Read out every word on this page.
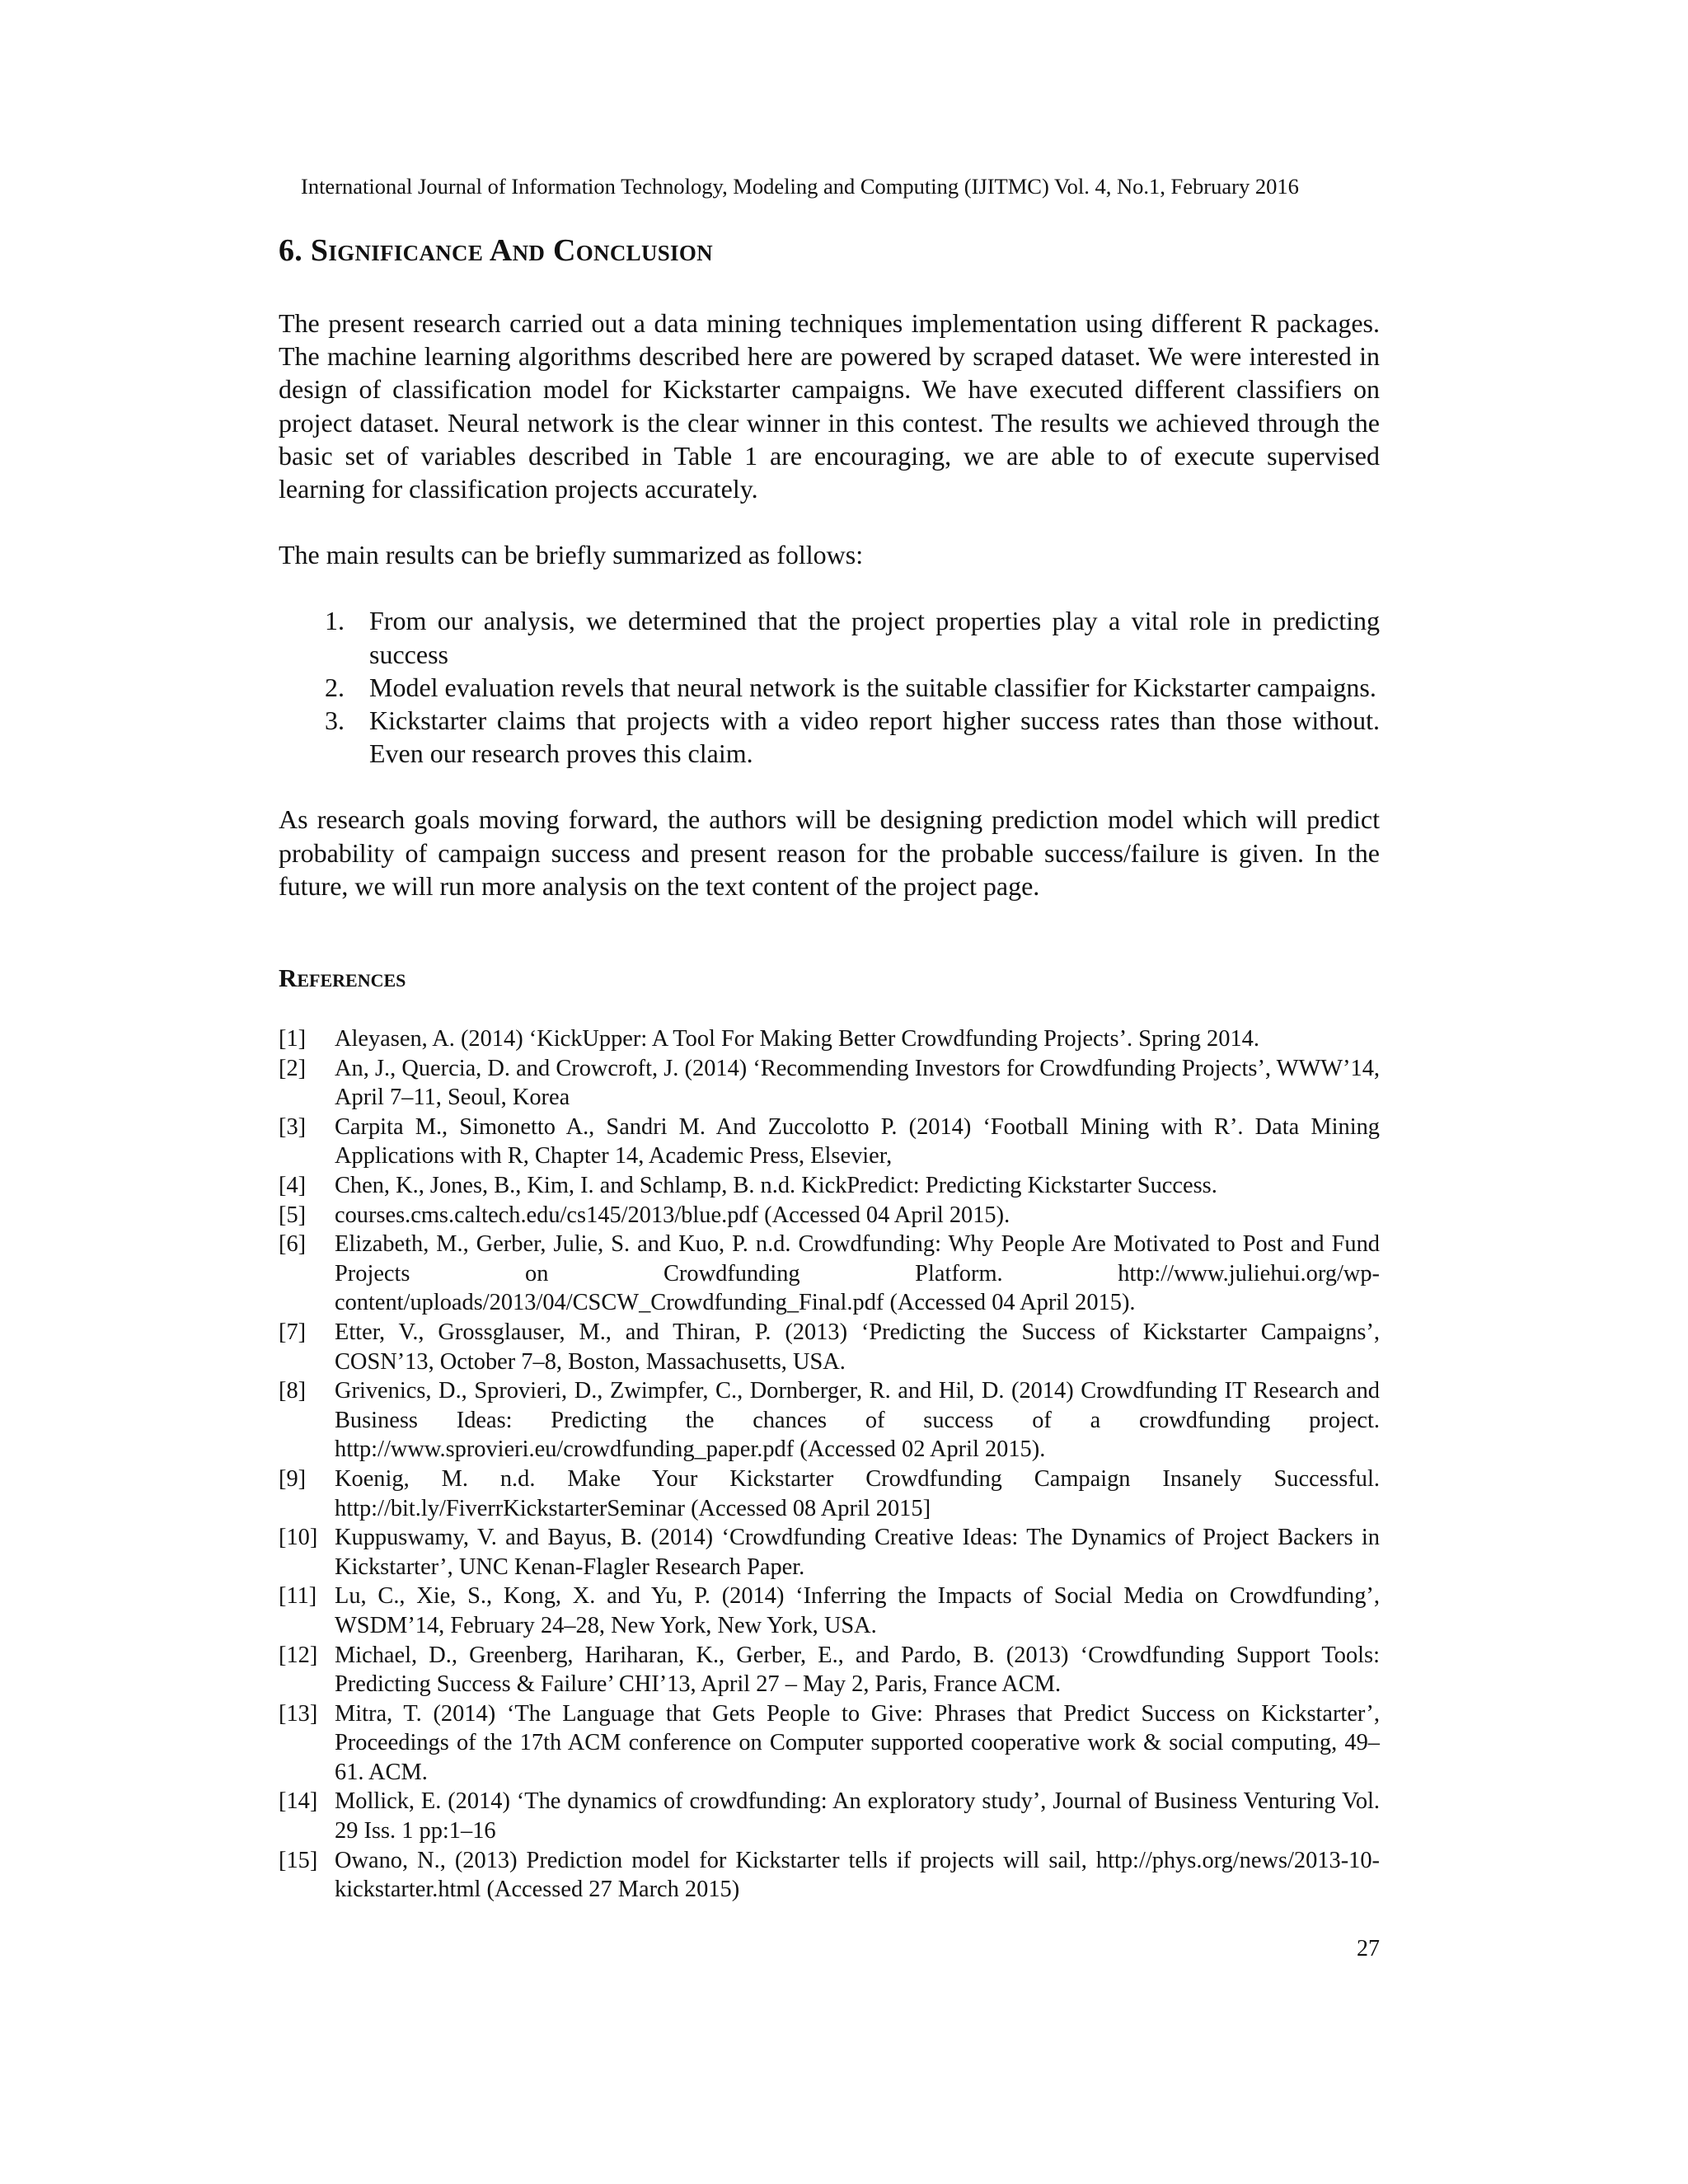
International Journal of Information Technology, Modeling and Computing (IJITMC) Vol. 4, No.1, February 2016
6. Significance And Conclusion

The present research carried out a data mining techniques implementation using different R packages. The machine learning algorithms described here are powered by scraped dataset. We were interested in design of classification model for Kickstarter campaigns. We have executed different classifiers on project dataset. Neural network is the clear winner in this contest. The results we achieved through the basic set of variables described in Table 1 are encouraging, we are able to of execute supervised learning for classification projects accurately.

The main results can be briefly summarized as follows:

1. From our analysis, we determined that the project properties play a vital role in predicting success
2. Model evaluation revels that neural network is the suitable classifier for Kickstarter campaigns.
3. Kickstarter claims that projects with a video report higher success rates than those without. Even our research proves this claim.

As research goals moving forward, the authors will be designing prediction model which will predict probability of campaign success and present reason for the probable success/failure is given. In the future, we will run more analysis on the text content of the project page.

References
[1] Aleyasen, A. (2014) ‘KickUpper: A Tool For Making Better Crowdfunding Projects’. Spring 2014.
[2] An, J., Quercia, D. and Crowcroft, J. (2014) ‘Recommending Investors for Crowdfunding Projects’, WWW’14, April 7–11, Seoul, Korea
[3] Carpita M., Simonetto A., Sandri M. And Zuccolotto P. (2014) ‘Football Mining with R’. Data Mining Applications with R, Chapter 14, Academic Press, Elsevier,
[4] Chen, K., Jones, B., Kim, I. and Schlamp, B. n.d. KickPredict: Predicting Kickstarter Success.
[5] courses.cms.caltech.edu/cs145/2013/blue.pdf (Accessed 04 April 2015).
[6] Elizabeth, M., Gerber, Julie, S. and Kuo, P. n.d. Crowdfunding: Why People Are Motivated to Post and Fund Projects on Crowdfunding Platform. http://www.juliehui.org/wp-content/uploads/2013/04/CSCW_Crowdfunding_Final.pdf (Accessed 04 April 2015).
[7] Etter, V., Grossglauser, M., and Thiran, P. (2013) ‘Predicting the Success of Kickstarter Campaigns’, COSN’13, October 7–8, Boston, Massachusetts, USA.
[8] Grivenics, D., Sprovieri, D., Zwimpfer, C., Dornberger, R. and Hil, D. (2014) Crowdfunding IT Research and Business Ideas: Predicting the chances of success of a crowdfunding project. http://www.sprovieri.eu/crowdfunding_paper.pdf (Accessed 02 April 2015).
[9] Koenig, M. n.d. Make Your Kickstarter Crowdfunding Campaign Insanely Successful. http://bit.ly/FiverrKickstarterSeminar (Accessed 08 April 2015]
[10] Kuppuswamy, V. and Bayus, B. (2014) ‘Crowdfunding Creative Ideas: The Dynamics of Project Backers in Kickstarter’, UNC Kenan-Flagler Research Paper.
[11] Lu, C., Xie, S., Kong, X. and Yu, P. (2014) ‘Inferring the Impacts of Social Media on Crowdfunding’, WSDM’14, February 24–28, New York, New York, USA.
[12] Michael, D., Greenberg, Hariharan, K., Gerber, E., and Pardo, B. (2013) ‘Crowdfunding Support Tools: Predicting Success & Failure’ CHI’13, April 27 – May 2, Paris, France ACM.
[13] Mitra, T. (2014) ‘The Language that Gets People to Give: Phrases that Predict Success on Kickstarter’, Proceedings of the 17th ACM conference on Computer supported cooperative work & social computing, 49–61. ACM.
[14] Mollick, E. (2014) ‘The dynamics of crowdfunding: An exploratory study’, Journal of Business Venturing Vol. 29 Iss. 1 pp:1–16
[15] Owano, N., (2013) Prediction model for Kickstarter tells if projects will sail, http://phys.org/news/2013-10-kickstarter.html (Accessed 27 March 2015)
27
